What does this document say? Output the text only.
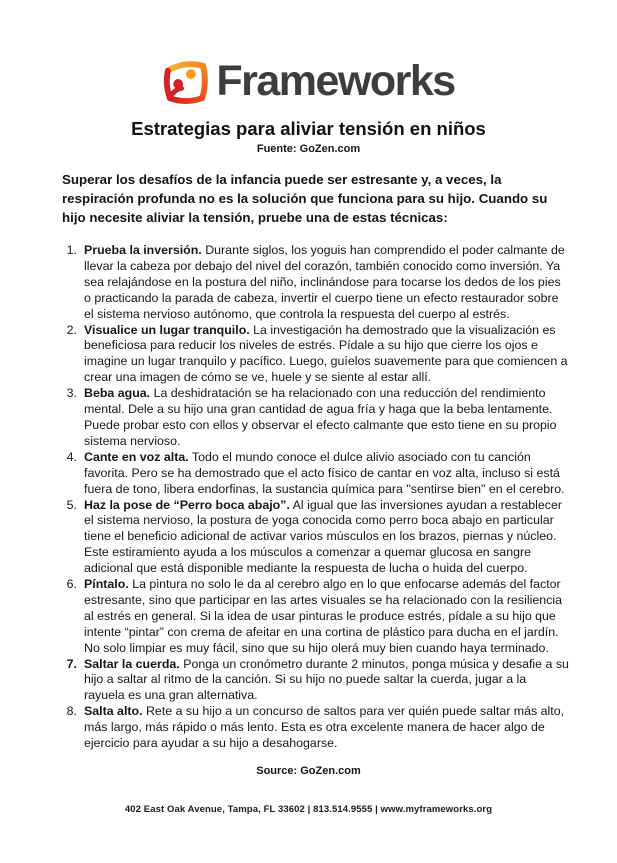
Frameworks
Estrategias para aliviar tensión en niños
Fuente: GoZen.com

Superar los desafíos de la infancia puede ser estresante y, a veces, la respiración profunda no es la solución que funciona para su hijo. Cuando su hijo necesite aliviar la tensión, pruebe una de estas técnicas:

1. Prueba la inversión. Durante siglos, los yoguis han comprendido el poder calmante de llevar la cabeza por debajo del nivel del corazón, también conocido como inversión. Ya sea relajándose en la postura del niño, inclinándose para tocarse los dedos de los pies o practicando la parada de cabeza, invertir el cuerpo tiene un efecto restaurador sobre el sistema nervioso autónomo, que controla la respuesta del cuerpo al estrés.
2. Visualice un lugar tranquilo. La investigación ha demostrado que la visualización es beneficiosa para reducir los niveles de estrés. Pídale a su hijo que cierre los ojos e imagine un lugar tranquilo y pacífico. Luego, guíelos suavemente para que comiencen a crear una imagen de cómo se ve, huele y se siente al estar allí.
3. Beba agua. La deshidratación se ha relacionado con una reducción del rendimiento mental. Dele a su hijo una gran cantidad de agua fría y haga que la beba lentamente. Puede probar esto con ellos y observar el efecto calmante que esto tiene en su propio sistema nervioso.
4. Cante en voz alta. Todo el mundo conoce el dulce alivio asociado con tu canción favorita. Pero se ha demostrado que el acto físico de cantar en voz alta, incluso si está fuera de tono, libera endorfinas, la sustancia química para "sentirse bien" en el cerebro.
5. Haz la pose de “Perro boca abajo”. Al igual que las inversiones ayudan a restablecer el sistema nervioso, la postura de yoga conocida como perro boca abajo en particular tiene el beneficio adicional de activar varios músculos en los brazos, piernas y núcleo. Este estiramiento ayuda a los músculos a comenzar a quemar glucosa en sangre adicional que está disponible mediante la respuesta de lucha o huida del cuerpo.
6. Píntalo. La pintura no solo le da al cerebro algo en lo que enfocarse además del factor estresante, sino que participar en las artes visuales se ha relacionado con la resiliencia al estrés en general. Si la idea de usar pinturas le produce estrés, pídale a su hijo que intente “pintar” con crema de afeitar en una cortina de plástico para ducha en el jardín. No solo limpiar es muy fácil, sino que su hijo olerá muy bien cuando haya terminado.
7. Saltar la cuerda. Ponga un cronómetro durante 2 minutos, ponga música y desafie a su hijo a saltar al ritmo de la canción. Si su hijo no puede saltar la cuerda, jugar a la rayuela es una gran alternativa.
8. Salta alto. Rete a su hijo a un concurso de saltos para ver quién puede saltar más alto, más largo, más rápido o más lento. Esta es otra excelente manera de hacer algo de ejercicio para ayudar a su hijo a desahogarse.
Source: GoZen.com
402 East Oak Avenue, Tampa, FL 33602 | 813.514.9555 | www.myframeworks.org
